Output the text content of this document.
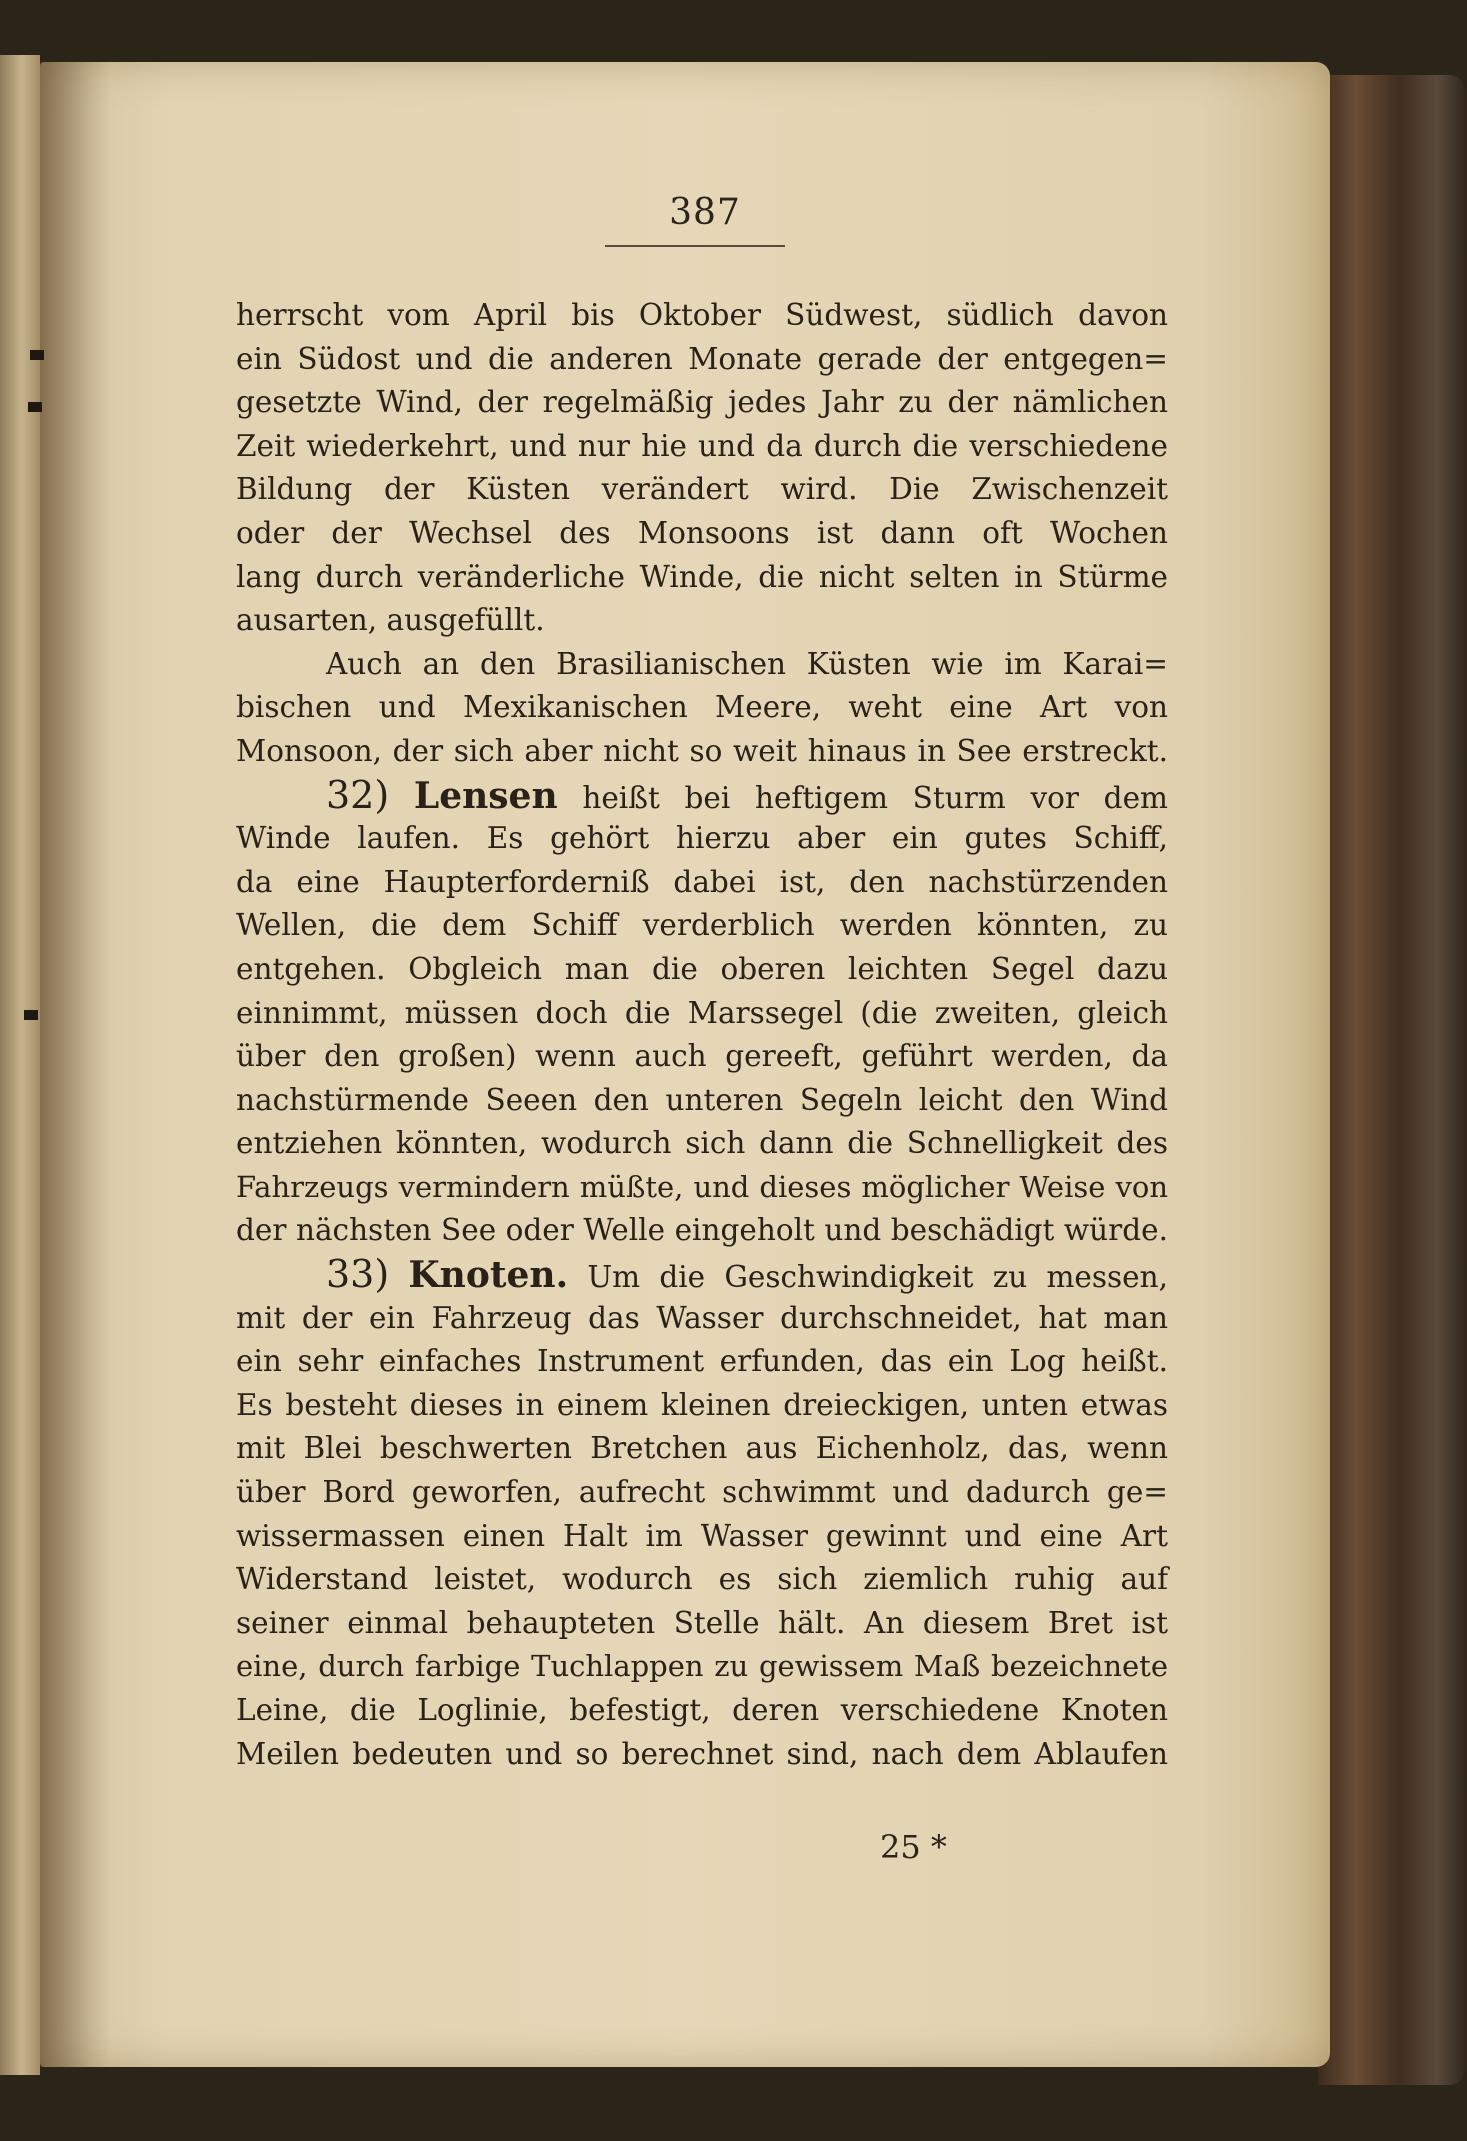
387
herrscht vom April bis Oktober Südwest, südlich davon
ein Südost und die anderen Monate gerade der entgegen=
gesetzte Wind, der regelmäßig jedes Jahr zu der nämlichen
Zeit wiederkehrt, und nur hie und da durch die verschiedene
Bildung der Küsten verändert wird. Die Zwischenzeit
oder der Wechsel des Monsoons ist dann oft Wochen
lang durch veränderliche Winde, die nicht selten in Stürme
ausarten, ausgefüllt.
Auch an den Brasilianischen Küsten wie im Karai=
bischen und Mexikanischen Meere, weht eine Art von
Monsoon, der sich aber nicht so weit hinaus in See erstreckt.
32) Lensen heißt bei heftigem Sturm vor dem
Winde laufen. Es gehört hierzu aber ein gutes Schiff,
da eine Haupterforderniß dabei ist, den nachstürzenden
Wellen, die dem Schiff verderblich werden könnten, zu
entgehen. Obgleich man die oberen leichten Segel dazu
einnimmt, müssen doch die Marssegel (die zweiten, gleich
über den großen) wenn auch gereeft, geführt werden, da
nachstürmende Seeen den unteren Segeln leicht den Wind
entziehen könnten, wodurch sich dann die Schnelligkeit des
Fahrzeugs vermindern müßte, und dieses möglicher Weise von
der nächsten See oder Welle eingeholt und beschädigt würde.
33) Knoten. Um die Geschwindigkeit zu messen,
mit der ein Fahrzeug das Wasser durchschneidet, hat man
ein sehr einfaches Instrument erfunden, das ein Log heißt.
Es besteht dieses in einem kleinen dreieckigen, unten etwas
mit Blei beschwerten Bretchen aus Eichenholz, das, wenn
über Bord geworfen, aufrecht schwimmt und dadurch ge=
wissermassen einen Halt im Wasser gewinnt und eine Art
Widerstand leistet, wodurch es sich ziemlich ruhig auf
seiner einmal behaupteten Stelle hält. An diesem Bret ist
eine, durch farbige Tuchlappen zu gewissem Maß bezeichnete
Leine, die Loglinie, befestigt, deren verschiedene Knoten
Meilen bedeuten und so berechnet sind, nach dem Ablaufen
25 *
